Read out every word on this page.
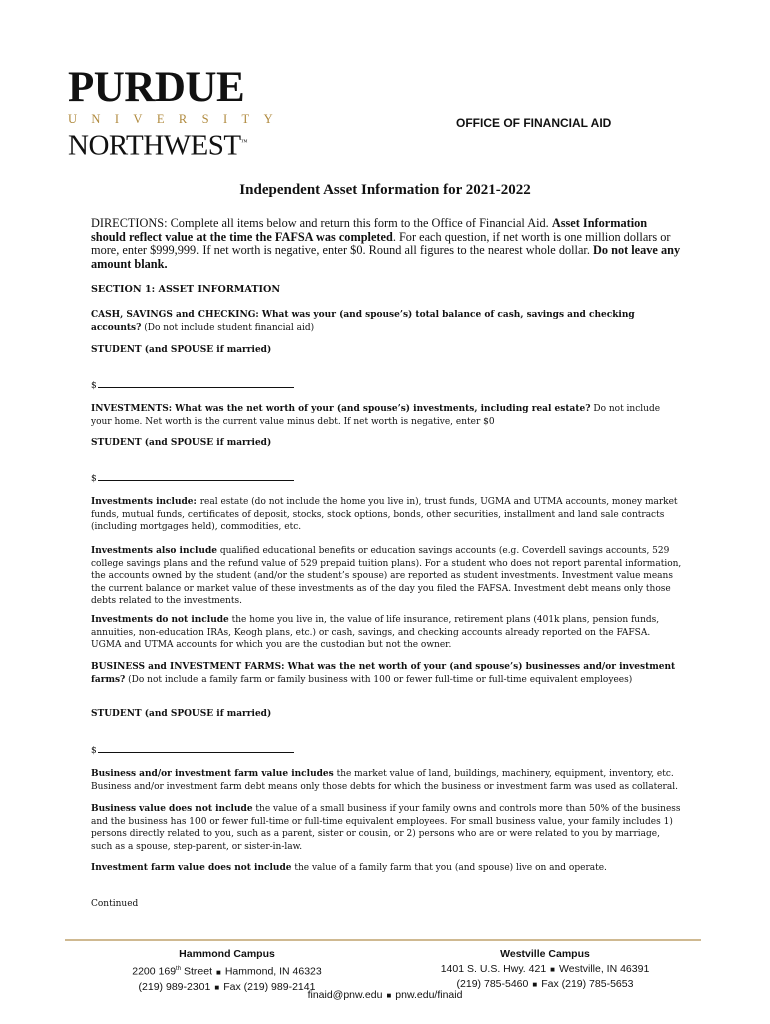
PURDUE
UNIVERSITY
NORTHWEST™
OFFICE OF FINANCIAL AID
Independent Asset Information for 2021-2022
DIRECTIONS: Complete all items below and return this form to the Office of Financial Aid. Asset Information should reflect value at the time the FAFSA was completed. For each question, if net worth is one million dollars or more, enter $999,999. If net worth is negative, enter $0. Round all figures to the nearest whole dollar. Do not leave any amount blank.
SECTION 1: ASSET INFORMATION
CASH, SAVINGS and CHECKING: What was your (and spouse’s) total balance of cash, savings and checking accounts? (Do not include student financial aid)
STUDENT (and SPOUSE if married)
$
INVESTMENTS: What was the net worth of your (and spouse’s) investments, including real estate? Do not include your home. Net worth is the current value minus debt. If net worth is negative, enter $0
STUDENT (and SPOUSE if married)
$
Investments include: real estate (do not include the home you live in), trust funds, UGMA and UTMA accounts, money market funds, mutual funds, certificates of deposit, stocks, stock options, bonds, other securities, installment and land sale contracts (including mortgages held), commodities, etc.
Investments also include qualified educational benefits or education savings accounts (e.g. Coverdell savings accounts, 529 college savings plans and the refund value of 529 prepaid tuition plans). For a student who does not report parental information, the accounts owned by the student (and/or the student’s spouse) are reported as student investments. Investment value means the current balance or market value of these investments as of the day you filed the FAFSA. Investment debt means only those debts related to the investments.
Investments do not include the home you live in, the value of life insurance, retirement plans (401k plans, pension funds, annuities, non-education IRAs, Keogh plans, etc.) or cash, savings, and checking accounts already reported on the FAFSA. UGMA and UTMA accounts for which you are the custodian but not the owner.
BUSINESS and INVESTMENT FARMS: What was the net worth of your (and spouse’s) businesses and/or investment farms? (Do not include a family farm or family business with 100 or fewer full-time or full-time equivalent employees)
STUDENT (and SPOUSE if married)
$
Business and/or investment farm value includes the market value of land, buildings, machinery, equipment, inventory, etc. Business and/or investment farm debt means only those debts for which the business or investment farm was used as collateral.
Business value does not include the value of a small business if your family owns and controls more than 50% of the business and the business has 100 or fewer full-time or full-time equivalent employees. For small business value, your family includes 1) persons directly related to you, such as a parent, sister or cousin, or 2) persons who are or were related to you by marriage, such as a spouse, step-parent, or sister-in-law.
Investment farm value does not include the value of a family farm that you (and spouse) live on and operate.
Continued
Hammond Campus
2200 169th Street ■ Hammond, IN 46323
(219) 989-2301 ■ Fax (219) 989-2141
Westville Campus
1401 S. U.S. Hwy. 421 ■ Westville, IN 46391
(219) 785-5460 ■ Fax (219) 785-5653
finaid@pnw.edu ■ pnw.edu/finaid
